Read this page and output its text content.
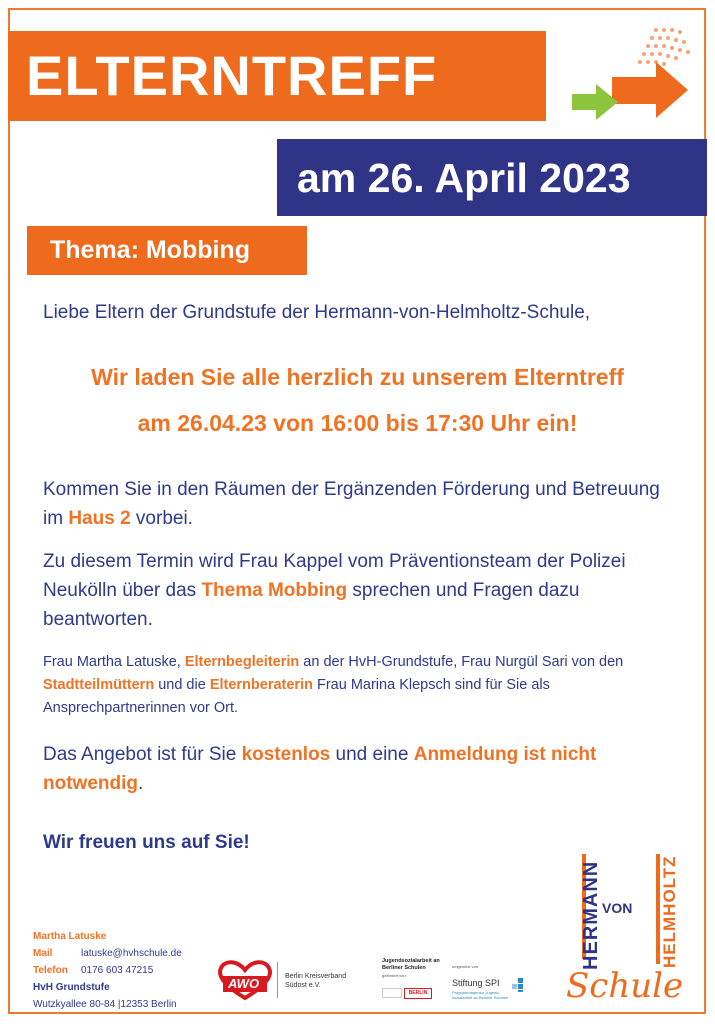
ELTERNTREFF
am 26. April 2023
Thema: Mobbing

Liebe Eltern der Grundstufe der Hermann-von-Helmholtz-Schule,

Wir laden Sie alle herzlich zu unserem Elterntreff
am 26.04.23 von 16:00 bis 17:30 Uhr ein!

Kommen Sie in den Räumen der Ergänzenden Förderung und Betreuung im Haus 2 vorbei.

Zu diesem Termin wird Frau Kappel vom Präventionsteam der Polizei Neukölln über das Thema Mobbing sprechen und Fragen dazu beantworten.

Frau Martha Latuske, Elternbegleiterin an der HvH-Grundstufe, Frau Nurgül Sari von den Stadtteilmüttern und die Elternberaterin Frau Marina Klepsch sind für Sie als Ansprechpartnerinnen vor Ort.

Das Angebot ist für Sie kostenlos und eine Anmeldung ist nicht notwendig.

Wir freuen uns auf Sie!

Martha Latuske
Mail	latuske@hvhschule.de
Telefon 0176 603 47215
HvH Grundstufe
Wutzkyallee 80-84 |12353 Berlin
AWO	Berlin Kreisverband
Südost e.V.
Jugendsozialarbeit an
Berliner Schulen
gefördert von:
BERLIN
umgesetzt von:
Stiftung SPI
Programmagentur Jugend-
sozialarbeit an Berliner Schulen
HERMANN VON HELMHOLTZ
Schule
